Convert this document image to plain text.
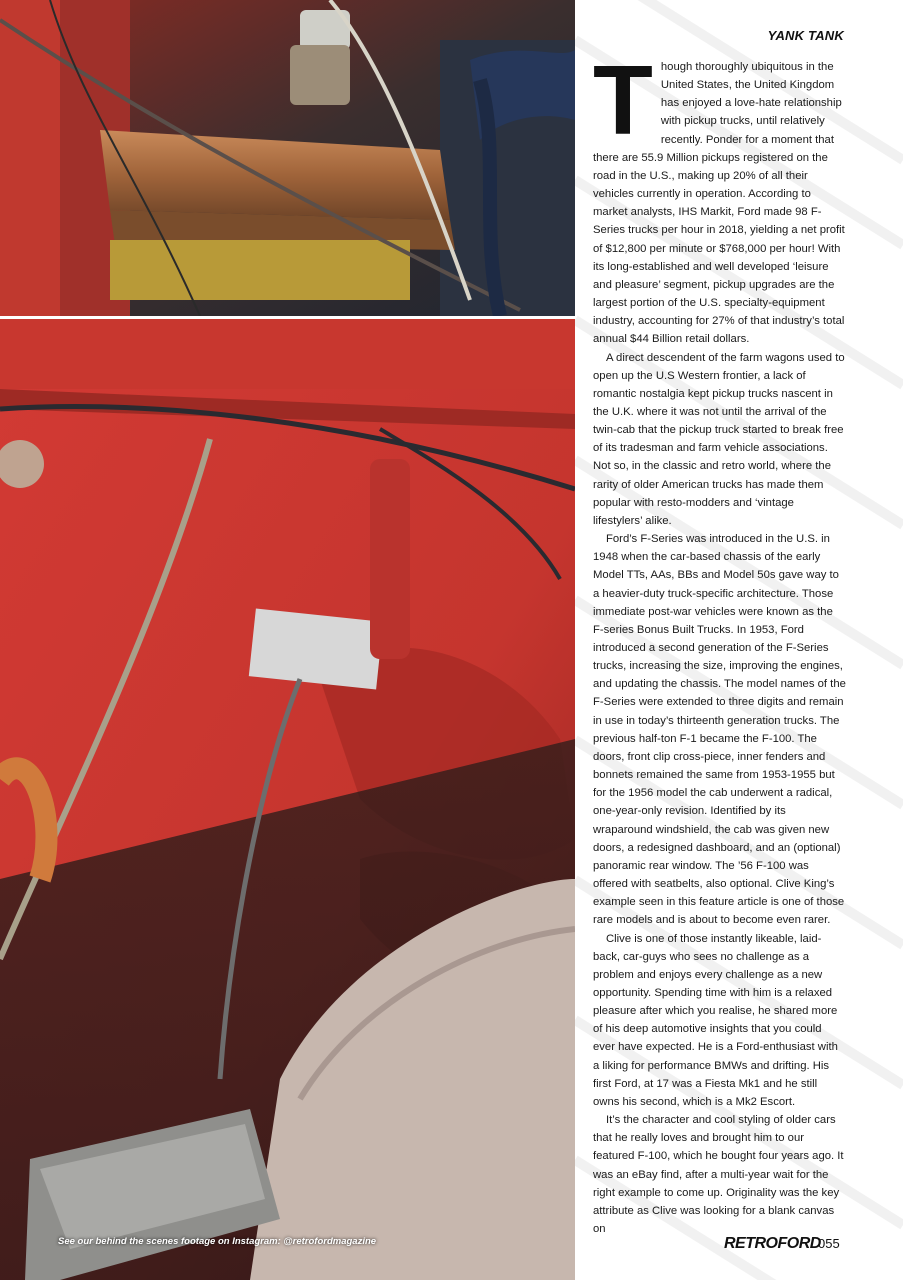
YANK TANK

Though thoroughly ubiquitous in the United States, the United Kingdom has enjoyed a love-hate relationship with pickup trucks, until relatively recently. Ponder for a moment that there are 55.9 Million pickups registered on the road in the U.S., making up 20% of all their vehicles currently in operation. According to market analysts, IHS Markit, Ford made 98 F-Series trucks per hour in 2018, yielding a net profit of $12,800 per minute or $768,000 per hour! With its long-established and well developed ‘leisure and pleasure’ segment, pickup upgrades are the largest portion of the U.S. specialty-equipment industry, accounting for 27% of that industry’s total annual $44 Billion retail dollars.

A direct descendent of the farm wagons used to open up the U.S Western frontier, a lack of romantic nostalgia kept pickup trucks nascent in the U.K. where it was not until the arrival of the twin-cab that the pickup truck started to break free of its tradesman and farm vehicle associations. Not so, in the classic and retro world, where the rarity of older American trucks has made them popular with resto-modders and ‘vintage lifestylers’ alike.

Ford’s F-Series was introduced in the U.S. in 1948 when the car-based chassis of the early Model TTs, AAs, BBs and Model 50s gave way to a heavier-duty truck-specific architecture. Those immediate post-war vehicles were known as the F-series Bonus Built Trucks. In 1953, Ford introduced a second generation of the F-Series trucks, increasing the size, improving the engines, and updating the chassis. The model names of the F-Series were extended to three digits and remain in use in today’s thirteenth generation trucks. The previous half-ton F-1 became the F-100. The doors, front clip cross-piece, inner fenders and bonnets remained the same from 1953-1955 but for the 1956 model the cab underwent a radical, one-year-only revision. Identified by its wraparound windshield, the cab was given new doors, a redesigned dashboard, and an (optional) panoramic rear window. The ’56 F-100 was offered with seatbelts, also optional. Clive King’s example seen in this feature article is one of those rare models and is about to become even rarer.

Clive is one of those instantly likeable, laid-back, car-guys who sees no challenge as a problem and enjoys every challenge as a new opportunity. Spending time with him is a relaxed pleasure after which you realise, he shared more of his deep automotive insights that you could ever have expected. He is a Ford-enthusiast with a liking for performance BMWs and drifting. His first Ford, at 17 was a Fiesta Mk1 and he still owns his second, which is a Mk2 Escort.

It’s the character and cool styling of older cars that he really loves and brought him to our featured F-100, which he bought four years ago. It was an eBay find, after a multi-year wait for the right example to come up. Originality was the key attribute as Clive was looking for a blank canvas on

See our behind the scenes footage on Instagram: @retrofordmagazine	RETROFORD
055
